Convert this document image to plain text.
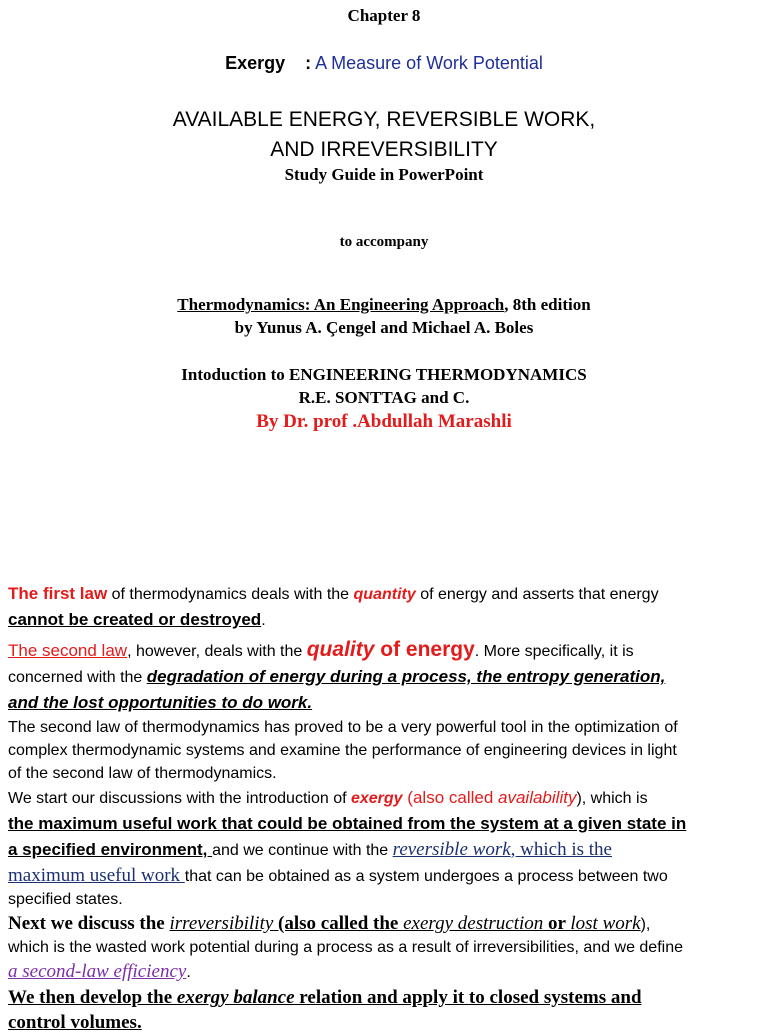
Chapter 8
Exergy : A Measure of Work Potential
AVAILABLE ENERGY, REVERSIBLE WORK,
AND IRREVERSIBILITY
Study Guide in PowerPoint
to accompany
Thermodynamics: An Engineering Approach, 8th edition
by Yunus A. Çengel and Michael A. Boles
Intoduction to ENGINEERING THERMODYNAMICS
R.E. SONTTAG and C.
By Dr. prof .Abdullah Marashli
The first law of thermodynamics deals with the quantity of energy and asserts that energy
cannot be created or destroyed.
The second law, however, deals with the quality of energy. More specifically, it is
concerned with the degradation of energy during a process, the entropy generation,
and the lost opportunities to do work.
The second law of thermodynamics has proved to be a very powerful tool in the optimization of
complex thermodynamic systems and examine the performance of engineering devices in light
of the second law of thermodynamics.
We start our discussions with the introduction of exergy (also called availability), which is
the maximum useful work that could be obtained from the system at a given state in
a specified environment, and we continue with the reversible work, which is the
maximum useful work that can be obtained as a system undergoes a process between two
specified states.
Next we discuss the irreversibility (also called the exergy destruction or lost work),
which is the wasted work potential during a process as a result of irreversibilities, and we define
a second-law efficiency.
We then develop the exergy balance relation and apply it to closed systems and
control volumes.
